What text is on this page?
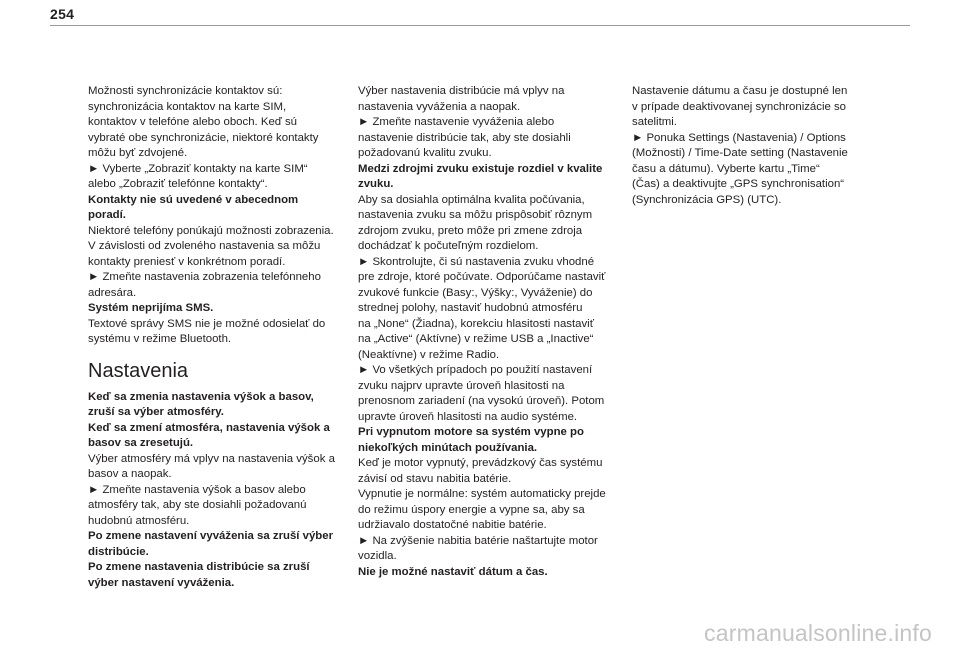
254
Možnosti synchronizácie kontaktov sú:
synchronizácia kontaktov na karte SIM,
kontaktov v telefóne alebo oboch. Keď sú
vybraté obe synchronizácie, niektoré kontakty
môžu byť zdvojené.
► Vyberte „Zobraziť kontakty na karte SIM“
alebo „Zobraziť telefónne kontakty“.
Kontakty nie sú uvedené v abecednom
poradí.
Niektoré telefóny ponúkajú možnosti zobrazenia.
V závislosti od zvoleného nastavenia sa môžu
kontakty preniesť v konkrétnom poradí.
► Zmeňte nastavenia zobrazenia telefónneho
adresára.
Systém neprijíma SMS.
Textové správy SMS nie je možné odosielať do
systému v režime Bluetooth.
Nastavenia
Keď sa zmenia nastavenia výšok a basov,
zruší sa výber atmosféry.
Keď sa zmení atmosféra, nastavenia výšok a
basov sa zresetujú.
Výber atmosféry má vplyv na nastavenia výšok a
basov a naopak.
► Zmeňte nastavenia výšok a basov alebo
atmosféry tak, aby ste dosiahli požadovanú
hudobnú atmosféru.
Po zmene nastavení vyváženia sa zruší výber
distribúcie.
Po zmene nastavenia distribúcie sa zruší
výber nastavení vyváženia.
Výber nastavenia distribúcie má vplyv na
nastavenia vyváženia a naopak.
► Zmeňte nastavenie vyváženia alebo
nastavenie distribúcie tak, aby ste dosiahli
požadovanú kvalitu zvuku.
Medzi zdrojmi zvuku existuje rozdiel v kvalite
zvuku.
Aby sa dosiahla optimálna kvalita počúvania,
nastavenia zvuku sa môžu prispôsobiť rôznym
zdrojom zvuku, preto môže pri zmene zdroja
dochádzať k počuteľným rozdielom.
► Skontrolujte, či sú nastavenia zvuku vhodné
pre zdroje, ktoré počúvate. Odporúčame nastaviť
zvukové funkcie (Basy:, Výšky:, Vyváženie) do
strednej polohy, nastaviť hudobnú atmosféru
na „None“ (Žiadna), korekciu hlasitosti nastaviť
na „Active“ (Aktívne) v režime USB a „Inactive“
(Neaktívne) v režime Radio.
► Vo všetkých prípadoch po použití nastavení
zvuku najprv upravte úroveň hlasitosti na
prenosnom zariadení (na vysokú úroveň). Potom
upravte úroveň hlasitosti na audio systéme.
Pri vypnutom motore sa systém vypne po
niekoľkých minútach používania.
Keď je motor vypnutý, prevádzkový čas systému
závisí od stavu nabitia batérie.
Vypnutie je normálne: systém automaticky prejde
do režimu úspory energie a vypne sa, aby sa
udržiavalo dostatočné nabitie batérie.
► Na zvýšenie nabitia batérie naštartujte motor
vozidla.
Nie je možné nastaviť dátum a čas.
Nastavenie dátumu a času je dostupné len
v prípade deaktivovanej synchronizácie so
satelitmi.
► Ponuka Settings (Nastavenia) / Options
(Možnosti) / Time-Date setting (Nastavenie
času a dátumu). Vyberte kartu „Time“
(Čas) a deaktivujte „GPS synchronisation“
(Synchronizácia GPS) (UTC).
carmanualsonline.info
